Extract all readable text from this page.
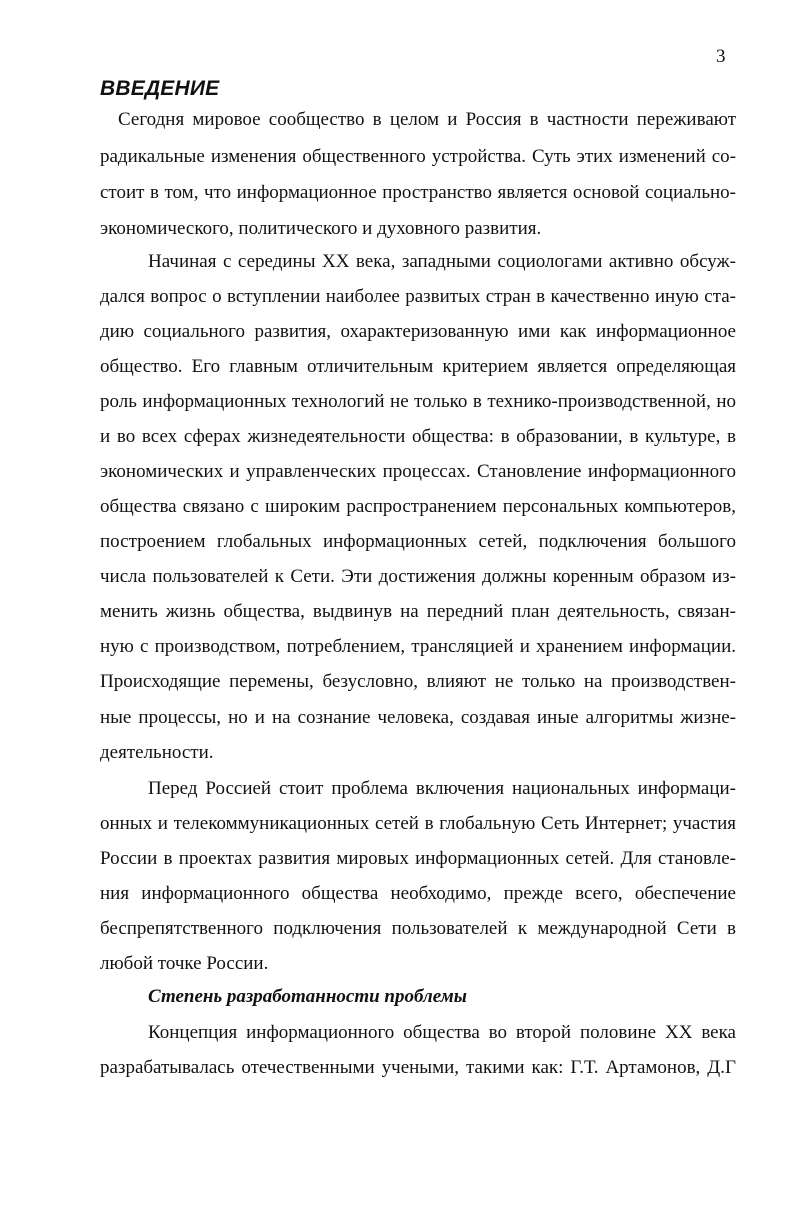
3
ВВЕДЕНИЕ
Сегодня мировое сообщество в целом и Россия в частности переживают
радикальные изменения общественного устройства. Суть этих изменений со-
стоит в том, что информационное пространство является основой социально-
экономического, политического и духовного развития.
Начиная с середины XX века, западными социологами активно обсуж-
дался вопрос о вступлении наиболее развитых стран в качественно иную ста-
дию социального развития, охарактеризованную ими как информационное
общество. Его главным отличительным критерием является определяющая
роль информационных технологий не только в технико-производственной, но
и во всех сферах жизнедеятельности общества: в образовании, в культуре, в
экономических и управленческих процессах. Становление информационного
общества связано с широким распространением персональных компьютеров,
построением глобальных информационных сетей, подключения большого
числа пользователей к Сети. Эти достижения должны коренным образом из-
менить жизнь общества, выдвинув на передний план деятельность, связан-
ную с производством, потреблением, трансляцией и хранением информации.
Происходящие перемены, безусловно, влияют не только на производствен-
ные процессы, но и на сознание человека, создавая иные алгоритмы жизне-
деятельности.
Перед Россией стоит проблема включения национальных информаци-
онных и телекоммуникационных сетей в глобальную Сеть Интернет; участия
России в проектах развития мировых информационных сетей. Для становле-
ния информационного общества необходимо, прежде всего, обеспечение
беспрепятственного подключения пользователей к международной Сети в
любой точке России.
Степень разработанности проблемы
Концепция информационного общества во второй половине XX века
разрабатывалась отечественными учеными, такими как: Г.Т. Артамонов, Д.Г
